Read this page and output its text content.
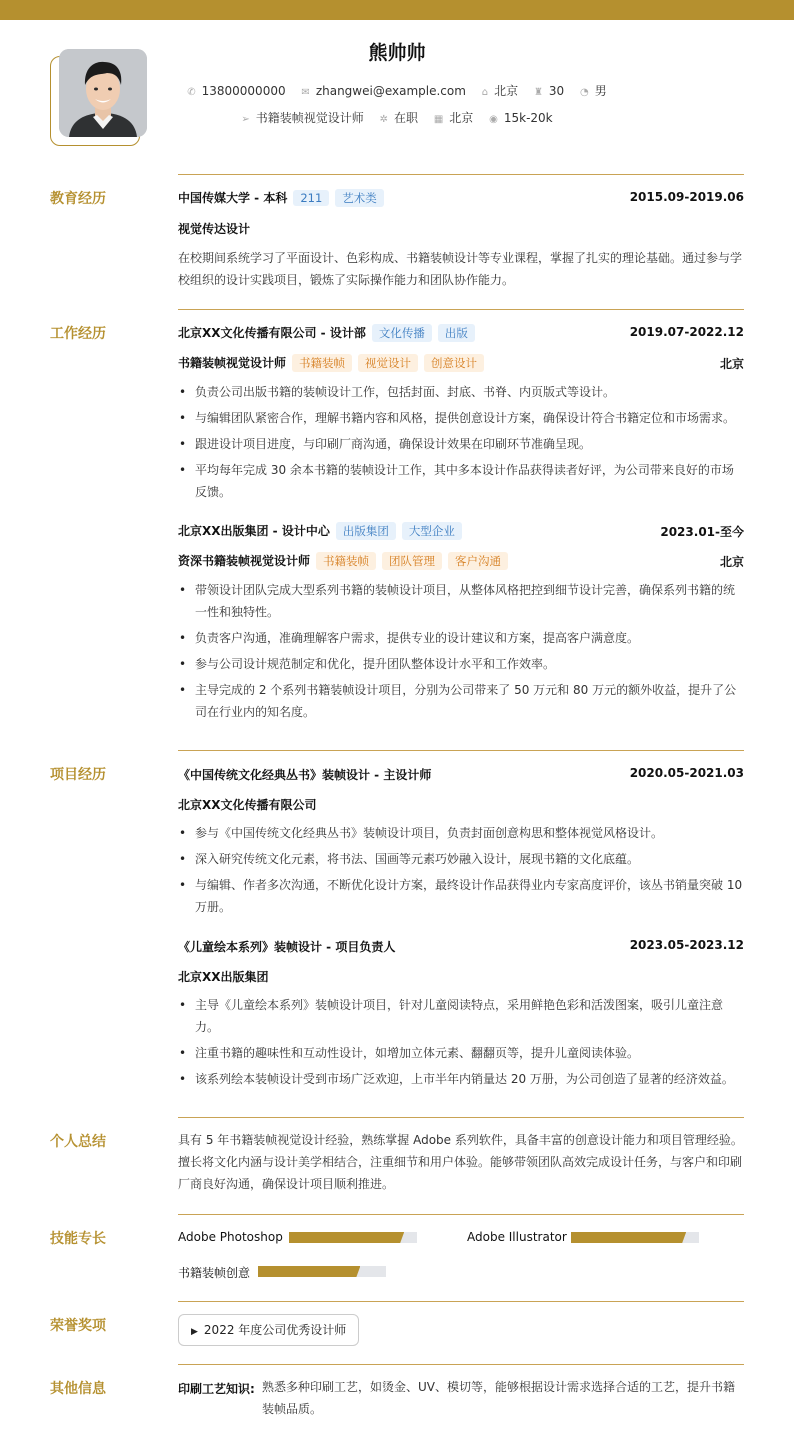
熊帅帅
✆ 13800000000 ✉ zhangwei@example.com ⌂ 北京 ♜ 30 ◔ 男
➢ 书籍装帧视觉设计师 ✲ 在职 ▦ 北京 ◉ 15k-20k
教育经历	中国传媒大学 - 本科 211 艺术类	2015.09-2019.06
视觉传达设计
在校期间系统学习了平面设计、色彩构成、书籍装帧设计等专业课程，掌握了扎实的理论基础。通过参与学校组织的设计实践项目，锻炼了实际操作能力和团队协作能力。
工作经历	北京XX文化传播有限公司 - 设计部 文化传播 出版	2019.07-2022.12
书籍装帧视觉设计师 书籍装帧 视觉设计 创意设计	北京
• 负责公司出版书籍的装帧设计工作，包括封面、封底、书脊、内页版式等设计。
• 与编辑团队紧密合作，理解书籍内容和风格，提供创意设计方案，确保设计符合书籍定位和市场需求。
• 跟进设计项目进度，与印刷厂商沟通，确保设计效果在印刷环节准确呈现。
• 平均每年完成 30 余本书籍的装帧设计工作，其中多本设计作品获得读者好评，为公司带来良好的市场反馈。
北京XX出版集团 - 设计中心 出版集团 大型企业	2023.01-至今
资深书籍装帧视觉设计师 书籍装帧 团队管理 客户沟通	北京
• 带领设计团队完成大型系列书籍的装帧设计项目，从整体风格把控到细节设计完善，确保系列书籍的统一性和独特性。
• 负责客户沟通，准确理解客户需求，提供专业的设计建议和方案，提高客户满意度。
• 参与公司设计规范制定和优化，提升团队整体设计水平和工作效率。
• 主导完成的 2 个系列书籍装帧设计项目，分别为公司带来了 50 万元和 80 万元的额外收益，提升了公司在行业内的知名度。
项目经历	《中国传统文化经典丛书》装帧设计 - 主设计师	2020.05-2021.03
北京XX文化传播有限公司
• 参与《中国传统文化经典丛书》装帧设计项目，负责封面创意构思和整体视觉风格设计。
• 深入研究传统文化元素，将书法、国画等元素巧妙融入设计，展现书籍的文化底蕴。
• 与编辑、作者多次沟通，不断优化设计方案，最终设计作品获得业内专家高度评价，该丛书销量突破 10 万册。
《儿童绘本系列》装帧设计 - 项目负责人	2023.05-2023.12
北京XX出版集团
• 主导《儿童绘本系列》装帧设计项目，针对儿童阅读特点，采用鲜艳色彩和活泼图案，吸引儿童注意力。
• 注重书籍的趣味性和互动性设计，如增加立体元素、翻翻页等，提升儿童阅读体验。
• 该系列绘本装帧设计受到市场广泛欢迎，上市半年内销量达 20 万册，为公司创造了显著的经济效益。
个人总结	具有 5 年书籍装帧视觉设计经验，熟练掌握 Adobe 系列软件，具备丰富的创意设计能力和项目管理经验。擅长将文化内涵与设计美学相结合，注重细节和用户体验。能够带领团队高效完成设计任务，与客户和印刷厂商良好沟通，确保设计项目顺利推进。
技能专长	Adobe Photoshop	Adobe Illustrator
书籍装帧创意
荣誉奖项	▶ 2022 年度公司优秀设计师
其他信息	印刷工艺知识: 熟悉多种印刷工艺，如烫金、UV、模切等，能够根据设计需求选择合适的工艺，提升书籍装帧品质。
